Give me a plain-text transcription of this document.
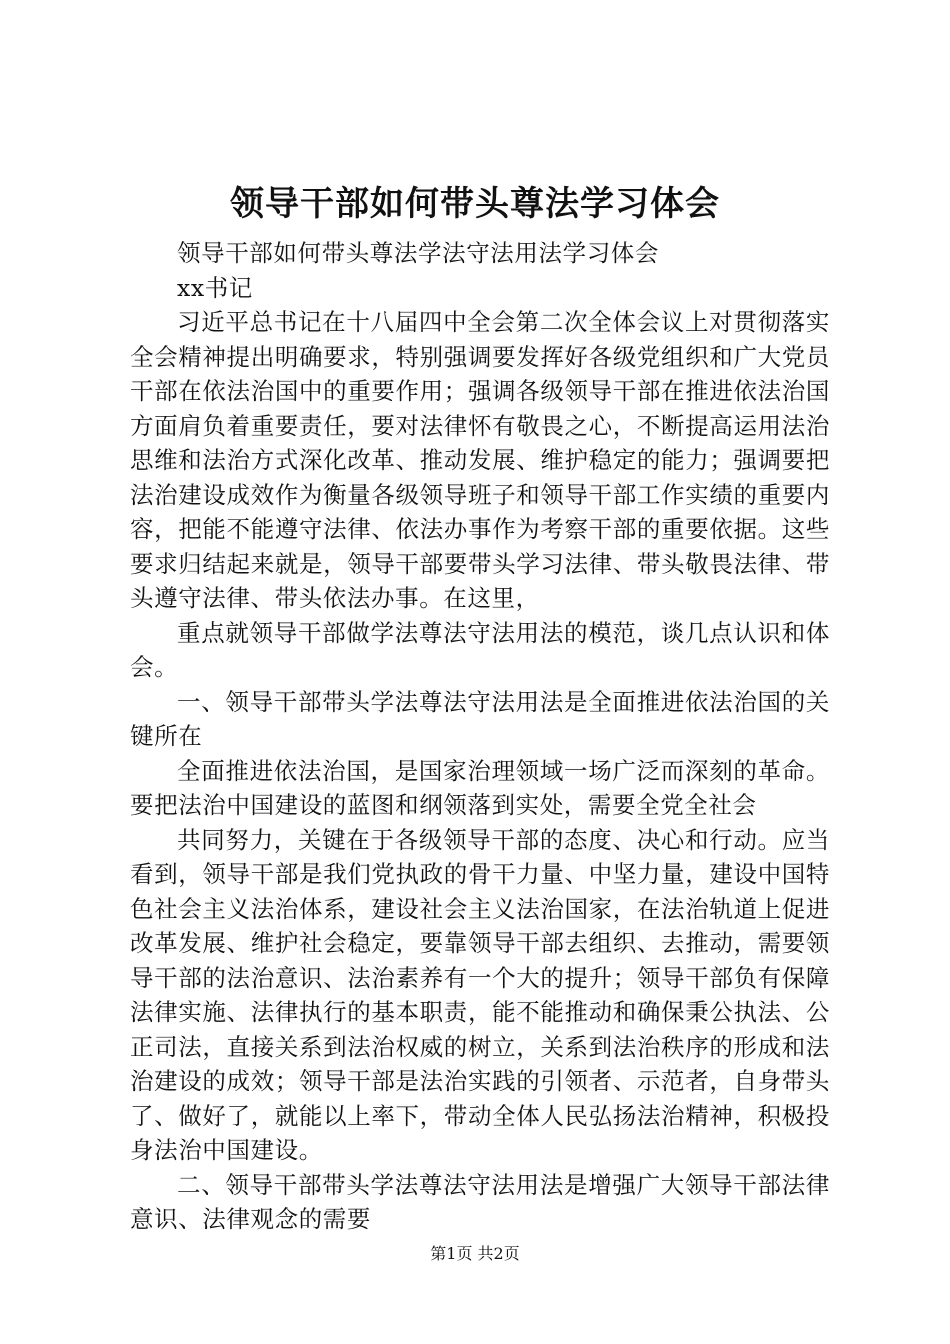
领导干部如何带头尊法学习体会

领导干部如何带头尊法学法守法用法学习体会

xx书记

习近平总书记在十八届四中全会第二次全体会议上对贯彻落实全会精神提出明确要求，特别强调要发挥好各级党组织和广大党员干部在依法治国中的重要作用；强调各级领导干部在推进依法治国方面肩负着重要责任，要对法律怀有敬畏之心，不断提高运用法治思维和法治方式深化改革、推动发展、维护稳定的能力；强调要把法治建设成效作为衡量各级领导班子和领导干部工作实绩的重要内容，把能不能遵守法律、依法办事作为考察干部的重要依据。这些要求归结起来就是，领导干部要带头学习法律、带头敬畏法律、带头遵守法律、带头依法办事。在这里，

重点就领导干部做学法尊法守法用法的模范，谈几点认识和体会。

一、领导干部带头学法尊法守法用法是全面推进依法治国的关键所在

全面推进依法治国，是国家治理领域一场广泛而深刻的革命。要把法治中国建设的蓝图和纲领落到实处，需要全党全社会

共同努力，关键在于各级领导干部的态度、决心和行动。应当看到，领导干部是我们党执政的骨干力量、中坚力量，建设中国特色社会主义法治体系，建设社会主义法治国家，在法治轨道上促进改革发展、维护社会稳定，要靠领导干部去组织、去推动，需要领导干部的法治意识、法治素养有一个大的提升；领导干部负有保障法律实施、法律执行的基本职责，能不能推动和确保秉公执法、公正司法，直接关系到法治权威的树立，关系到法治秩序的形成和法治建设的成效；领导干部是法治实践的引领者、示范者，自身带头了、做好了，就能以上率下，带动全体人民弘扬法治精神，积极投身法治中国建设。

二、领导干部带头学法尊法守法用法是增强广大领导干部法律意识、法律观念的需要

第1页 共2页
